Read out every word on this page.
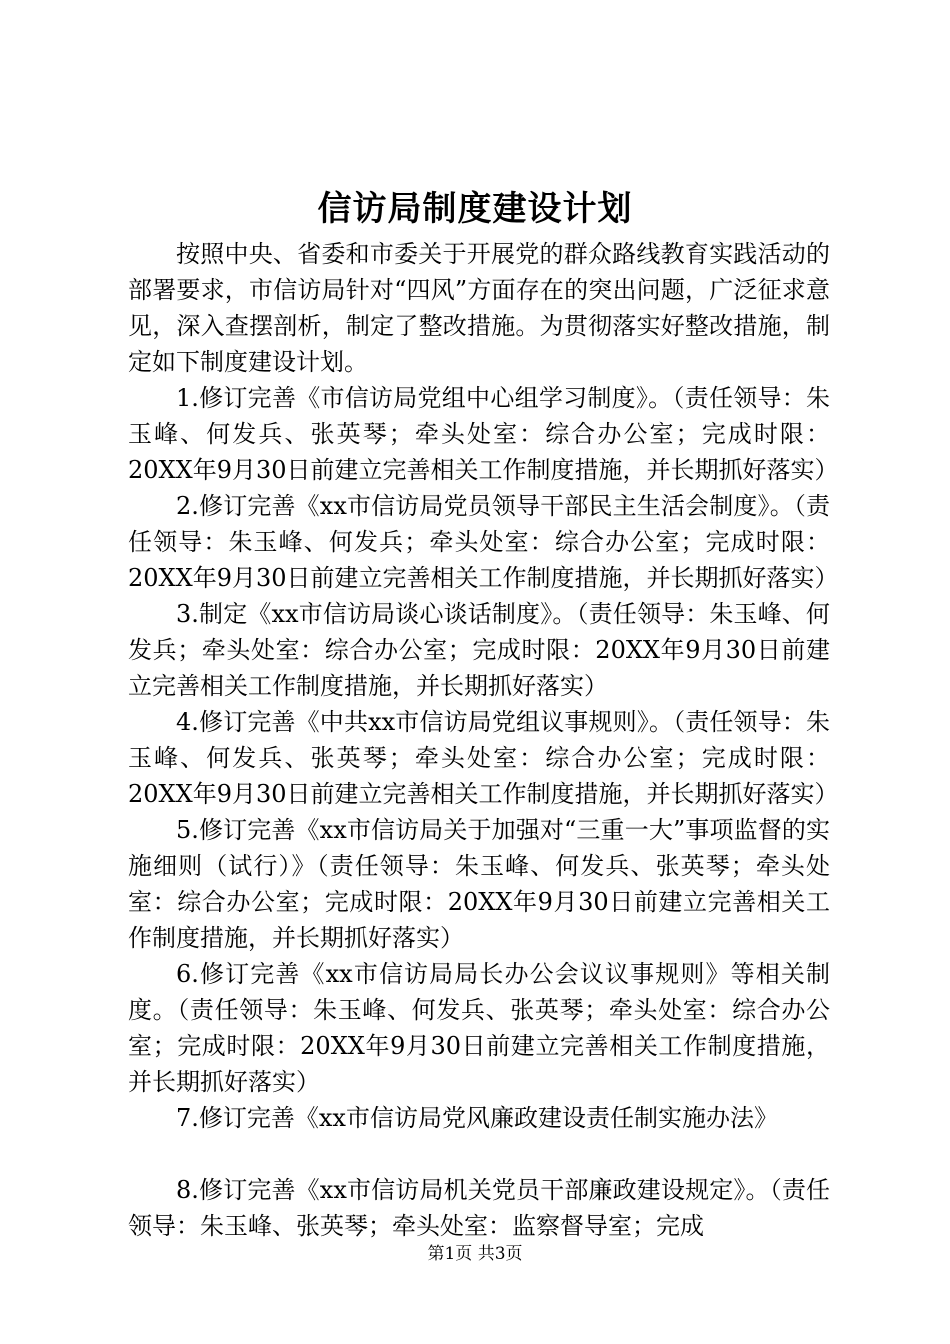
信访局制度建设计划

按照中央、省委和市委关于开展党的群众路线教育实践活动的部署要求，市信访局针对“四风”方面存在的突出问题，广泛征求意见，深入查摆剖析，制定了整改措施。为贯彻落实好整改措施，制定如下制度建设计划。

1.修订完善《市信访局党组中心组学习制度》。（责任领导：朱玉峰、何发兵、张英琴；牵头处室：综合办公室；完成时限：20XX年9月30日前建立完善相关工作制度措施，并长期抓好落实）

2.修订完善《xx市信访局党员领导干部民主生活会制度》。（责任领导：朱玉峰、何发兵；牵头处室：综合办公室；完成时限：20XX年9月30日前建立完善相关工作制度措施，并长期抓好落实）

3.制定《xx市信访局谈心谈话制度》。（责任领导：朱玉峰、何发兵；牵头处室：综合办公室；完成时限：20XX年9月30日前建立完善相关工作制度措施，并长期抓好落实）

4.修订完善《中共xx市信访局党组议事规则》。（责任领导：朱玉峰、何发兵、张英琴；牵头处室：综合办公室；完成时限：20XX年9月30日前建立完善相关工作制度措施，并长期抓好落实）

5.修订完善《xx市信访局关于加强对“三重一大”事项监督的实施细则（试行）》（责任领导：朱玉峰、何发兵、张英琴；牵头处室：综合办公室；完成时限：20XX年9月30日前建立完善相关工作制度措施，并长期抓好落实）

6.修订完善《xx市信访局局长办公会议议事规则》等相关制度。（责任领导：朱玉峰、何发兵、张英琴；牵头处室：综合办公室；完成时限：20XX年9月30日前建立完善相关工作制度措施，并长期抓好落实）

7.修订完善《xx市信访局党风廉政建设责任制实施办法》

8.修订完善《xx市信访局机关党员干部廉政建设规定》。（责任领导：朱玉峰、张英琴；牵头处室：监察督导室；完成

第1页 共3页
